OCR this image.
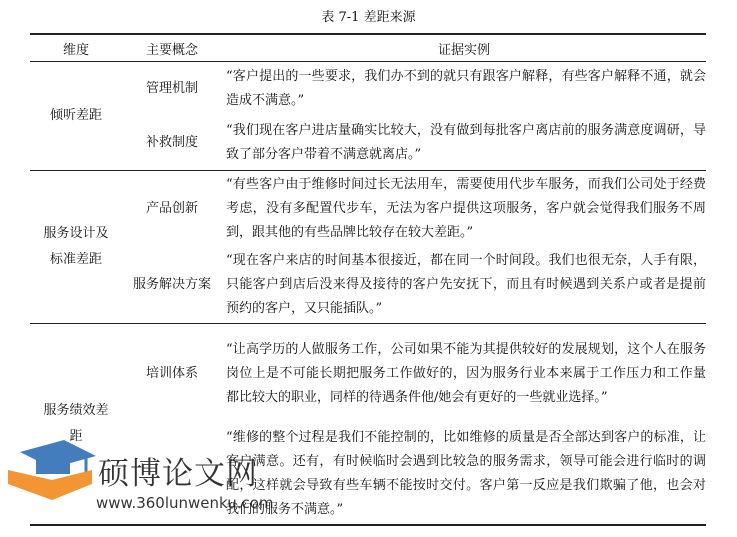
表 7-1 差距来源
维度	主要概念	证据实例
倾听差距	管理机制	“客户提出的一些要求，我们办不到的就只有跟客户解释，有些客户解释不通，就会造成不满意。”
	补救制度	“我们现在客户进店量确实比较大，没有做到每批客户离店前的服务满意度调研，导致了部分客户带着不满意就离店。”
服务设计及标准差距	产品创新	“有些客户由于维修时间过长无法用车，需要使用代步车服务，而我们公司处于经费考虑，没有多配置代步车，无法为客户提供这项服务，客户就会觉得我们服务不周到，跟其他的有些品牌比较存在较大差距。”
	服务解决方案	“现在客户来店的时间基本很接近，都在同一个时间段。我们也很无奈，人手有限，只能客户到店后没来得及接待的客户先安抚下，而且有时候遇到关系户或者是提前预约的客户，又只能插队。”
服务绩效差距	培训体系	“让高学历的人做服务工作，公司如果不能为其提供较好的发展规划，这个人在服务岗位上是不可能长期把服务工作做好的，因为服务行业本来属于工作压力和工作量都比较大的职业，同样的待遇条件他/她会有更好的一些就业选择。”
		“维修的整个过程是我们不能控制的，比如维修的质量是否全部达到客户的标准，让客户满意。还有，有时候临时会遇到比较急的服务需求，领导可能会进行临时的调配，这样就会导致有些车辆不能按时交付。客户第一反应是我们欺骗了他，也会对我们的服务不满意。”
硕博论文网
www.360lunwenku.com
